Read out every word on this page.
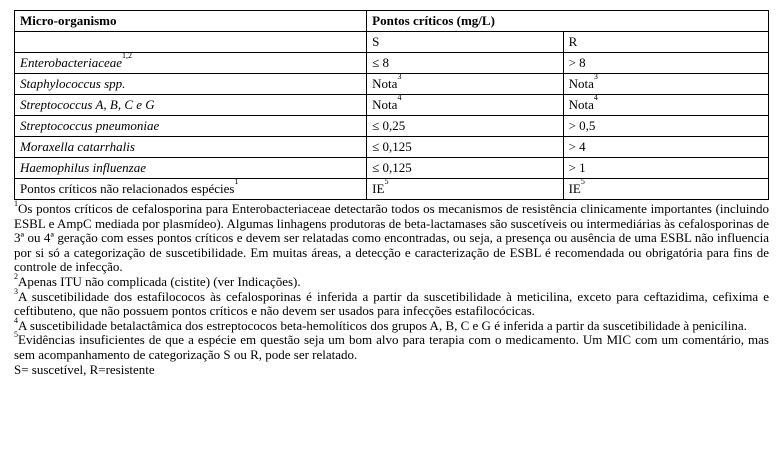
Micro-organismo	Pontos críticos (mg/L)	
	S	R
Enterobacteriaceae$^{1,2}$	≤ 8	> 8
Staphylococcus spp.	Nota$^3$	Nota$^3$
Streptococcus A, B, C e G	Nota$^4$	Nota$^4$
Streptococcus pneumoniae	≤ 0,25	> 0,5
Moraxella catarrhalis	≤ 0,125	> 4
Haemophilus influenzae	≤ 0,125	> 1
Pontos críticos não relacionados espécies$^1$	$IE^5$	$IE^5$

$^1$Os pontos críticos de cefalosporina para Enterobacteriaceae detectarão todos os mecanismos de resistência clinicamente importantes (incluindo ESBL e AmpC mediada por plasmídeo). Algumas linhagens produtoras de beta-lactamases são suscetíveis ou intermediárias às cefalosporinas de 3ª ou 4ª geração com esses pontos críticos e devem ser relatadas como encontradas, ou seja, a presença ou ausência de uma ESBL não influencia por si só a categorização de suscetibilidade. Em muitas áreas, a detecção e caracterização de ESBL é recomendada ou obrigatória para fins de controle de infecção.

$^2$Apenas ITU não complicada (cistite) (ver Indicações).

$^3$A suscetibilidade dos estafilococos às cefalosporinas é inferida a partir da suscetibilidade à meticilina, exceto para ceftazidima, cefixima e ceftibuteno, que não possuem pontos críticos e não devem ser usados para infecções estafilocócicas.

$^4$A suscetibilidade betalactâmica dos estreptococos beta-hemolíticos dos grupos A, B, C e G é inferida a partir da suscetibilidade à penicilina.

$^5$Evidências insuficientes de que a espécie em questão seja um bom alvo para terapia com o medicamento. Um MIC com um comentário, mas sem acompanhamento de categorização S ou R, pode ser relatado.

S= suscetível, R=resistente
